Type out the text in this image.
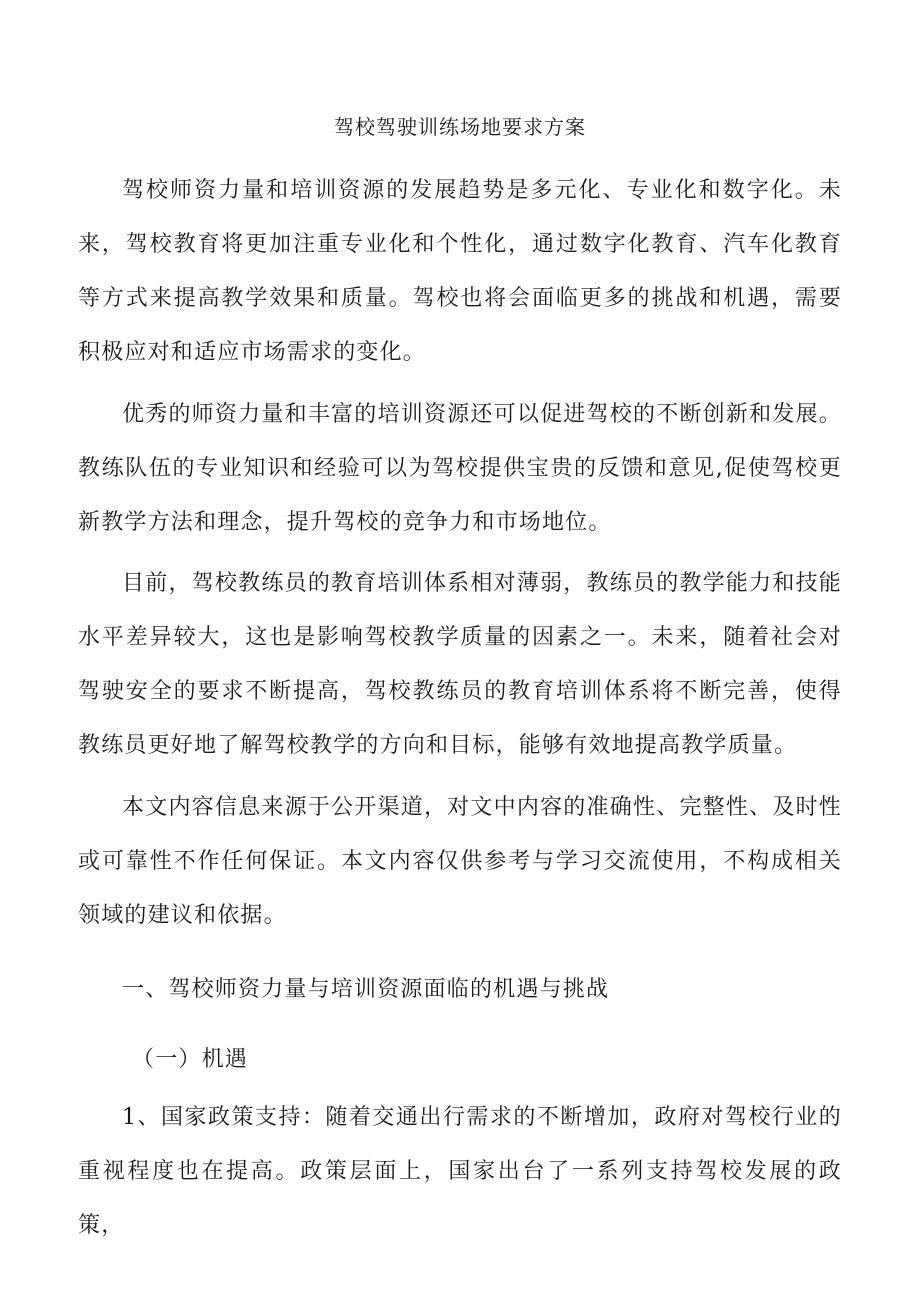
驾校驾驶训练场地要求方案

驾校师资力量和培训资源的发展趋势是多元化、专业化和数字化。未来，驾校教育将更加注重专业化和个性化，通过数字化教育、汽车化教育等方式来提高教学效果和质量。驾校也将会面临更多的挑战和机遇，需要积极应对和适应市场需求的变化。

优秀的师资力量和丰富的培训资源还可以促进驾校的不断创新和发展。教练队伍的专业知识和经验可以为驾校提供宝贵的反馈和意见,促使驾校更新教学方法和理念，提升驾校的竞争力和市场地位。

目前，驾校教练员的教育培训体系相对薄弱，教练员的教学能力和技能水平差异较大，这也是影响驾校教学质量的因素之一。未来，随着社会对驾驶安全的要求不断提高，驾校教练员的教育培训体系将不断完善，使得教练员更好地了解驾校教学的方向和目标，能够有效地提高教学质量。

本文内容信息来源于公开渠道，对文中内容的准确性、完整性、及时性或可靠性不作任何保证。本文内容仅供参考与学习交流使用，不构成相关领域的建议和依据。

一、驾校师资力量与培训资源面临的机遇与挑战
（一）机遇

1、国家政策支持：随着交通出行需求的不断增加，政府对驾校行业的重视程度也在提高。政策层面上，国家出台了一系列支持驾校发展的政策，
